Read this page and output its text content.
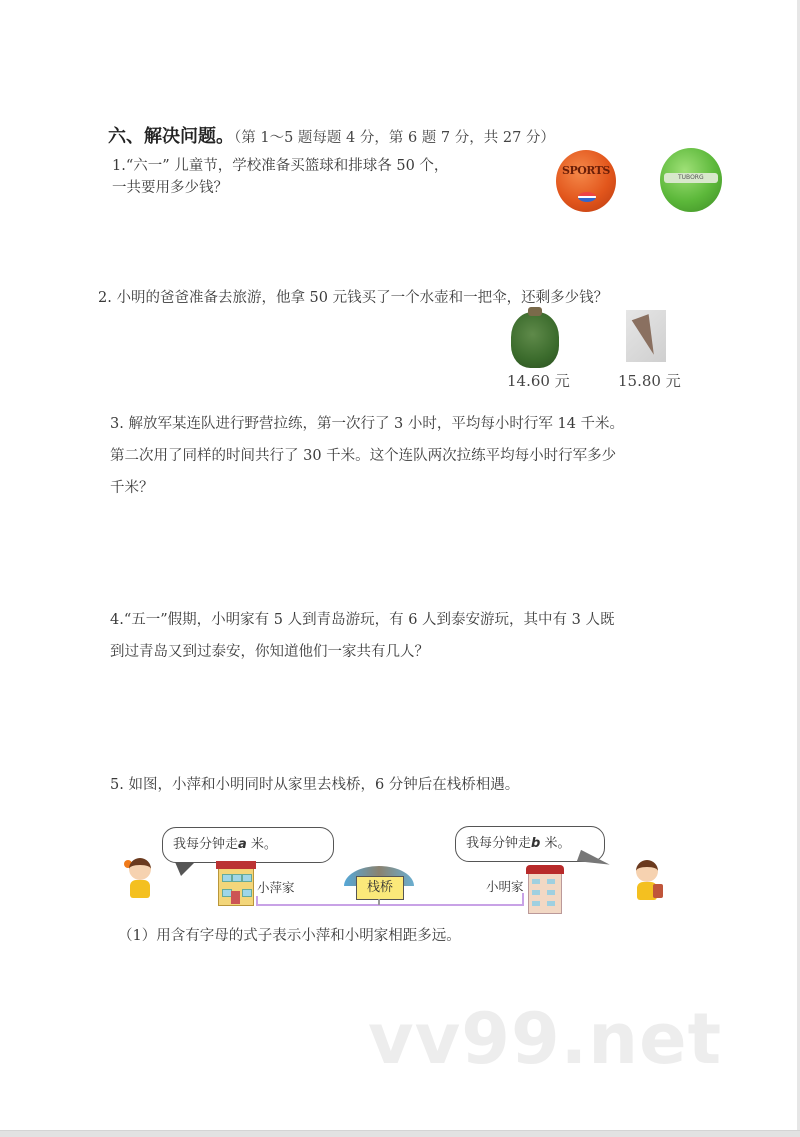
六、解决问题。（第 1～5 题每题 4 分，第 6 题 7 分，共 27 分）
1.“六一” 儿童节，学校准备买篮球和排球各 50 个，
一共要用多少钱？
SPORTS
TUBORG
2. 小明的爸爸准备去旅游，他拿 50 元钱买了一个水壶和一把伞，还剩多少钱？
14.60 元	15.80 元
3. 解放军某连队进行野营拉练，第一次行了 3 小时，平均每小时行军 14 千米。
第二次用了同样的时间共行了 30 千米。这个连队两次拉练平均每小时行军多少
千米？
4.“五一”假期，小明家有 5 人到青岛游玩，有 6 人到泰安游玩，其中有 3 人既
到过青岛又到过泰安，你知道他们一家共有几人？
5. 如图，小萍和小明同时从家里去栈桥，6 分钟后在栈桥相遇。
我每分钟走a 米。	我每分钟走b 米。
小萍家	栈桥	小明家
（1）用含有字母的式子表示小萍和小明家相距多远。
vv99.net
